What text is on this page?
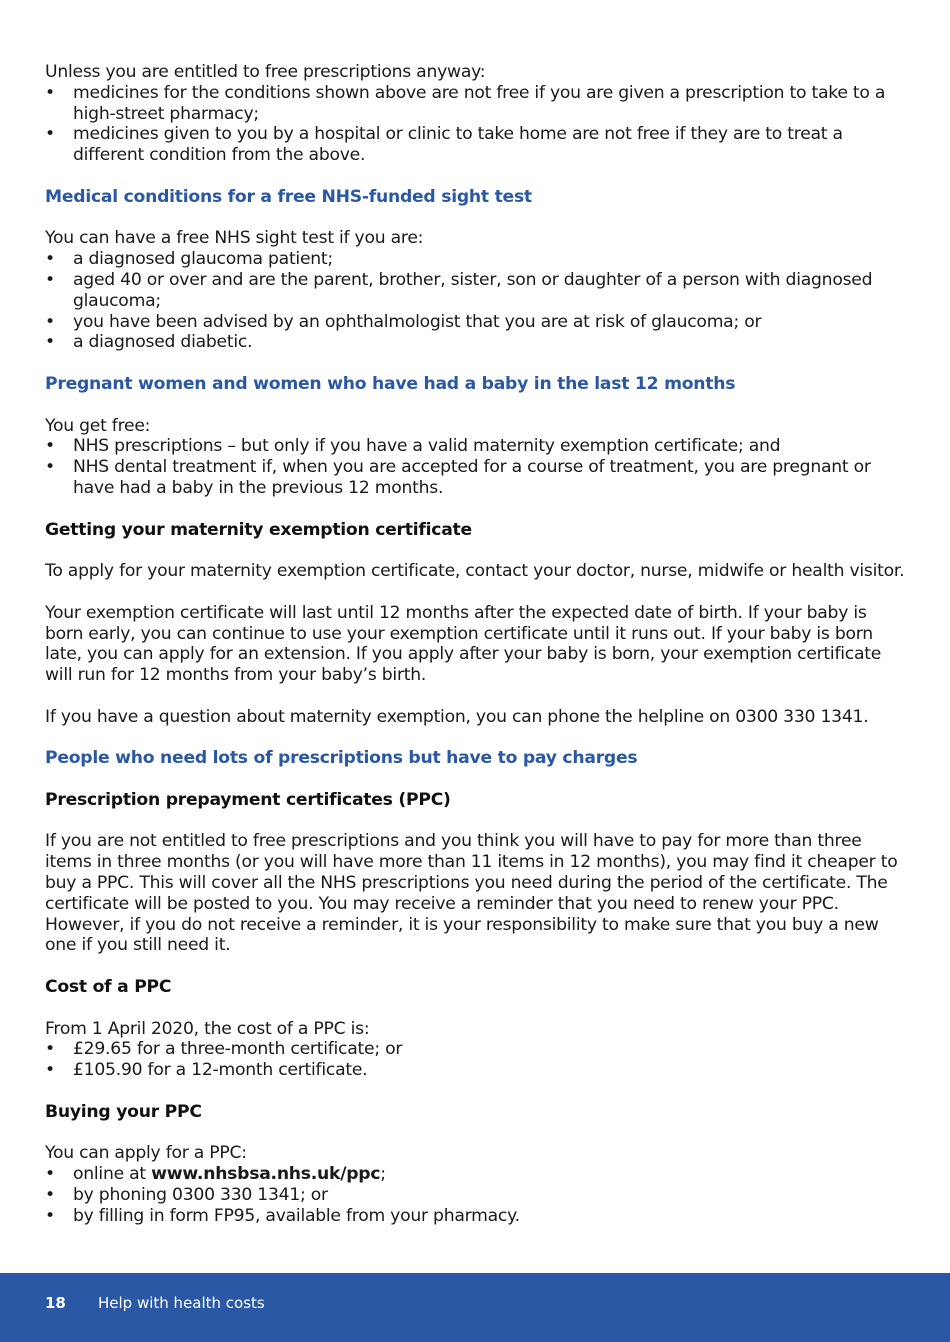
Unless you are entitled to free prescriptions anyway:

• medicines for the conditions shown above are not free if you are given a prescription to take to a high-street pharmacy;
• medicines given to you by a hospital or clinic to take home are not free if they are to treat a different condition from the above.
Medical conditions for a free NHS-funded sight test

You can have a free NHS sight test if you are:

• a diagnosed glaucoma patient;
• aged 40 or over and are the parent, brother, sister, son or daughter of a person with diagnosed glaucoma;
• you have been advised by an ophthalmologist that you are at risk of glaucoma; or
• a diagnosed diabetic.
Pregnant women and women who have had a baby in the last 12 months

You get free:

• NHS prescriptions – but only if you have a valid maternity exemption certificate; and
• NHS dental treatment if, when you are accepted for a course of treatment, you are pregnant or have had a baby in the previous 12 months.
Getting your maternity exemption certificate

To apply for your maternity exemption certificate, contact your doctor, nurse, midwife or health visitor.

Your exemption certificate will last until 12 months after the expected date of birth. If your baby is born early, you can continue to use your exemption certificate until it runs out. If your baby is born late, you can apply for an extension. If you apply after your baby is born, your exemption certificate will run for 12 months from your baby’s birth.

If you have a question about maternity exemption, you can phone the helpline on 0300 330 1341.

People who need lots of prescriptions but have to pay charges
Prescription prepayment certificates (PPC)

If you are not entitled to free prescriptions and you think you will have to pay for more than three items in three months (or you will have more than 11 items in 12 months), you may find it cheaper to buy a PPC. This will cover all the NHS prescriptions you need during the period of the certificate. The certificate will be posted to you. You may receive a reminder that you need to renew your PPC. However, if you do not receive a reminder, it is your responsibility to make sure that you buy a new one if you still need it.

Cost of a PPC

From 1 April 2020, the cost of a PPC is:

• £29.65 for a three-month certificate; or
• £105.90 for a 12-month certificate.
Buying your PPC

You can apply for a PPC:

• online at www.nhsbsa.nhs.uk/ppc;
• by phoning 0300 330 1341; or
• by filling in form FP95, available from your pharmacy.
18 Help with health costs
